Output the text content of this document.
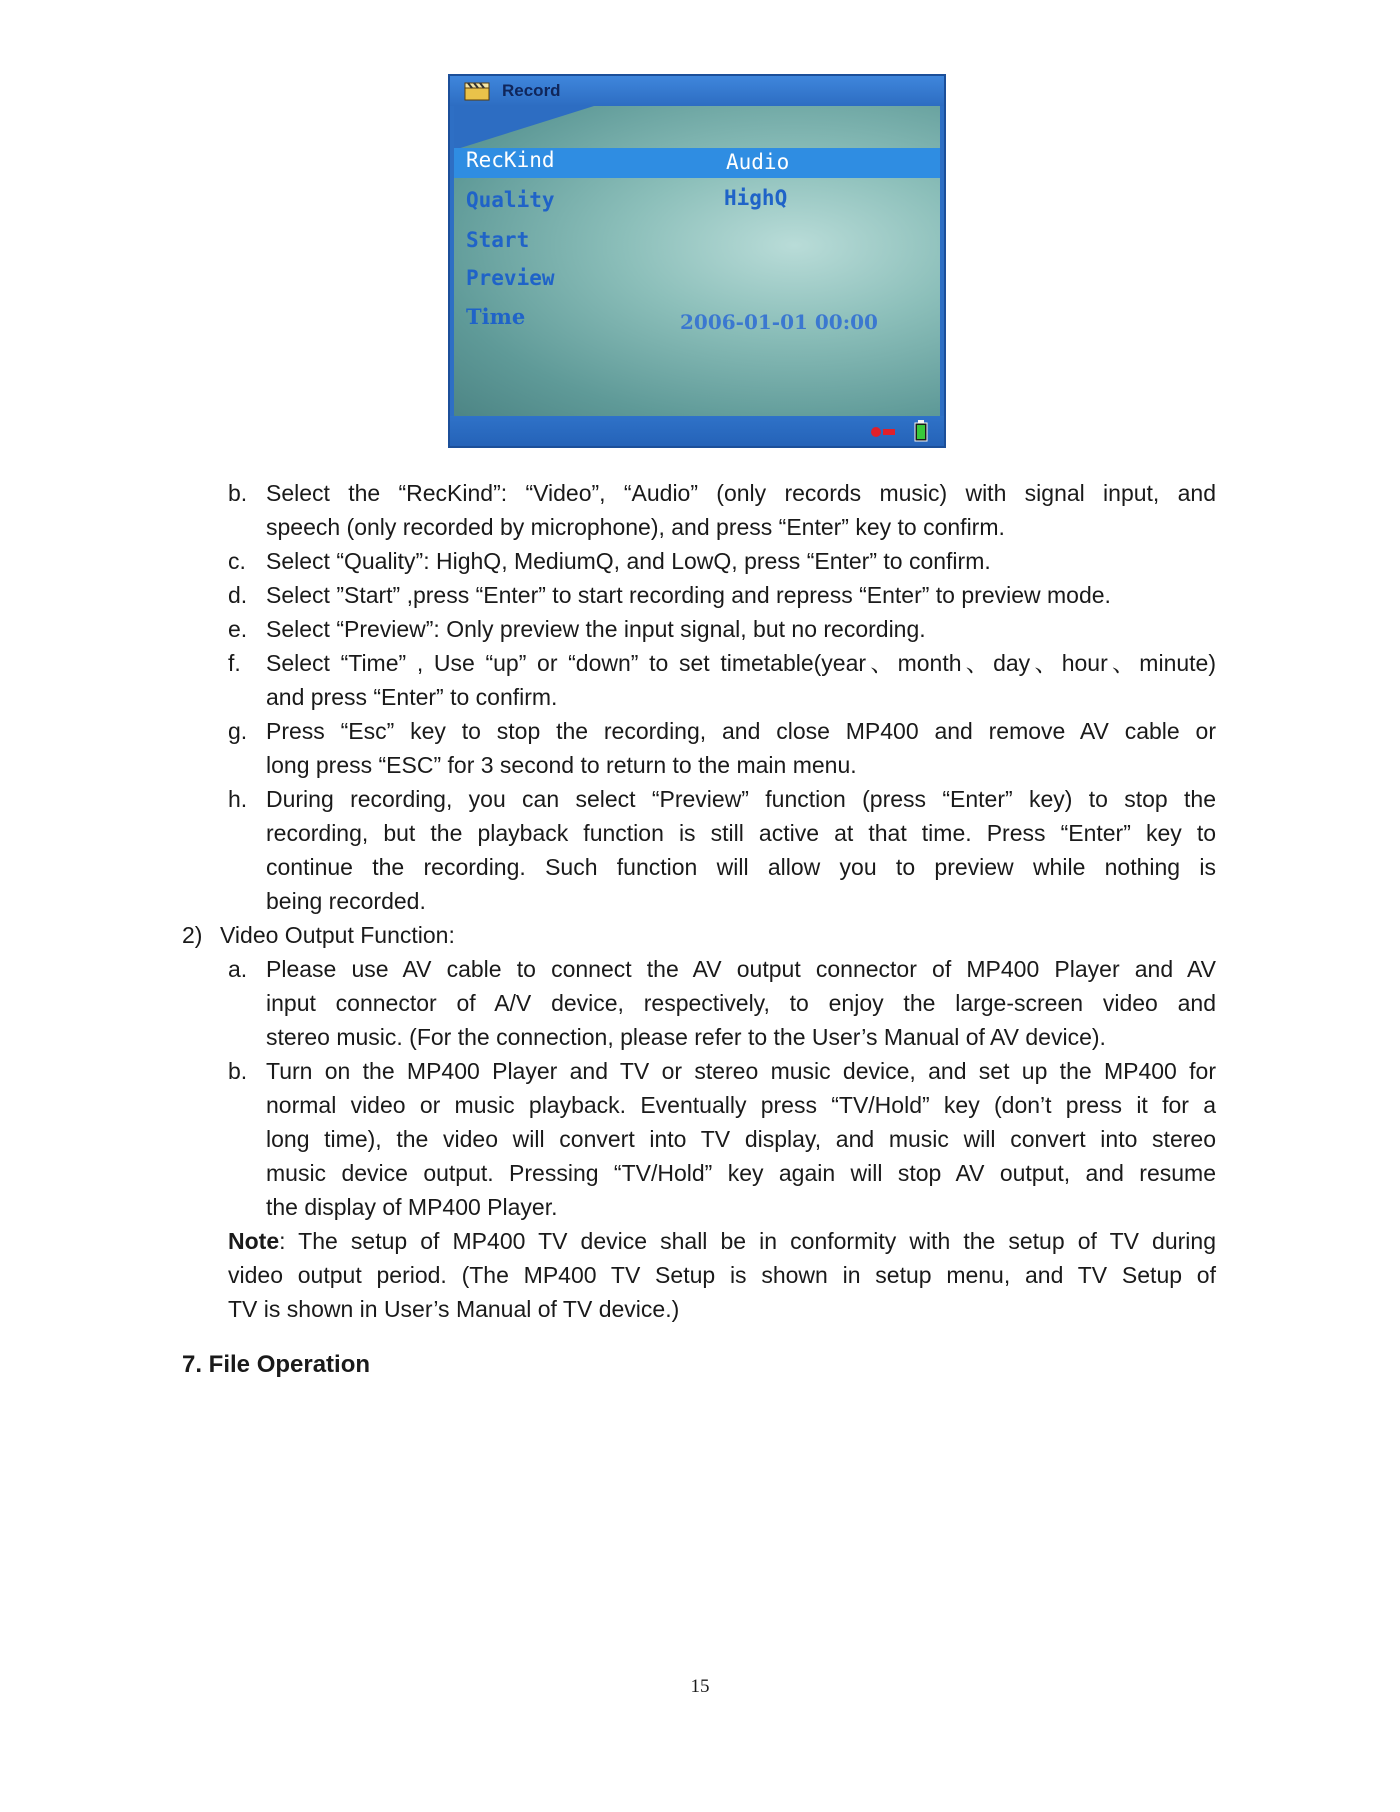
Record
RecKind	Audio
Quality	HighQ
Start
Preview
Time	2006-01-01 00:00
b. Select the “RecKind”: “Video”, “Audio” (only records music) with signal input, and
speech (only recorded by microphone), and press “Enter” key to confirm.
c. Select “Quality”: HighQ, MediumQ, and LowQ, press “Enter” to confirm.
d. Select ”Start” ,press “Enter” to start recording and repress “Enter” to preview mode.
e. Select “Preview”: Only preview the input signal, but no recording.
f. Select “Time” , Use “up” or “down” to set timetable(year、month、day、hour、minute)
and press “Enter” to confirm.
g. Press “Esc” key to stop the recording, and close MP400 and remove AV cable or
long press “ESC” for 3 second to return to the main menu.
h. During recording, you can select “Preview” function (press “Enter” key) to stop the
recording, but the playback function is still active at that time. Press “Enter” key to
continue the recording. Such function will allow you to preview while nothing is
being recorded.
2) Video Output Function:
a. Please use AV cable to connect the AV output connector of MP400 Player and AV
input connector of A/V device, respectively, to enjoy the large-screen video and
stereo music. (For the connection, please refer to the User’s Manual of AV device).
b. Turn on the MP400 Player and TV or stereo music device, and set up the MP400 for
normal video or music playback. Eventually press “TV/Hold” key (don’t press it for a
long time), the video will convert into TV display, and music will convert into stereo
music device output. Pressing “TV/Hold” key again will stop AV output, and resume
the display of MP400 Player.
Note : The setup of MP400 TV device shall be in conformity with the setup of TV during
video output period. (The MP400 TV Setup is shown in setup menu, and TV Setup of
TV is shown in User’s Manual of TV device.)
7. File Operation
15
